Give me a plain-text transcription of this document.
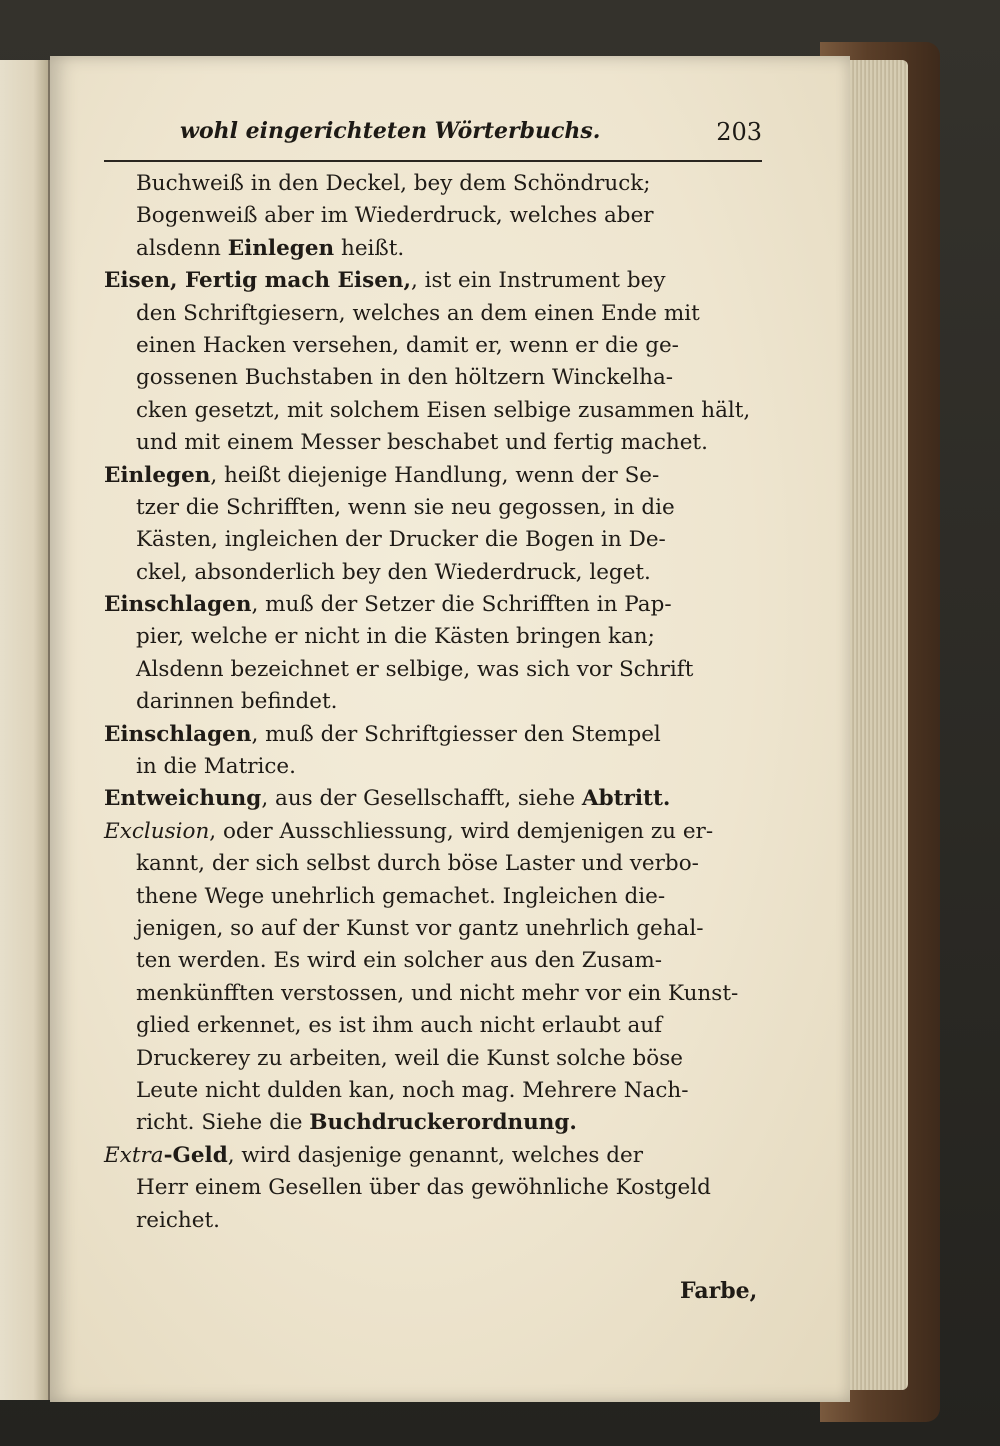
wohl eingerichteten Wörterbuchs.	203
Buchweiß in den Deckel, bey dem Schöndruck;
Bogenweiß aber im Wiederdruck, welches aber
alsdenn Einlegen heißt.
Eisen, Fertig mach Eisen,, ist ein Instrument bey
den Schriftgiesern, welches an dem einen Ende mit
einen Hacken versehen, damit er, wenn er die ge-
gossenen Buchstaben in den höltzern Winckelha-
cken gesetzt, mit solchem Eisen selbige zusammen hält,
und mit einem Messer beschabet und fertig machet.
Einlegen, heißt diejenige Handlung, wenn der Se-
tzer die Schrifften, wenn sie neu gegossen, in die
Kästen, ingleichen der Drucker die Bogen in De-
ckel, absonderlich bey den Wiederdruck, leget.
Einschlagen, muß der Setzer die Schrifften in Pap-
pier, welche er nicht in die Kästen bringen kan;
Alsdenn bezeichnet er selbige, was sich vor Schrift
darinnen befindet.
Einschlagen, muß der Schriftgiesser den Stempel
in die Matrice.
Entweichung, aus der Gesellschafft, siehe Abtritt.
Exclusion, oder Ausschliessung, wird demjenigen zu er-
kannt, der sich selbst durch böse Laster und verbo-
thene Wege unehrlich gemachet. Ingleichen die-
jenigen, so auf der Kunst vor gantz unehrlich gehal-
ten werden. Es wird ein solcher aus den Zusam-
menkünfften verstossen, und nicht mehr vor ein Kunst-
glied erkennet, es ist ihm auch nicht erlaubt auf
Druckerey zu arbeiten, weil die Kunst solche böse
Leute nicht dulden kan, noch mag. Mehrere Nach-
richt. Siehe die Buchdruckerordnung.
Extra-Geld, wird dasjenige genannt, welches der
Herr einem Gesellen über das gewöhnliche Kostgeld
reichet.
Farbe,
